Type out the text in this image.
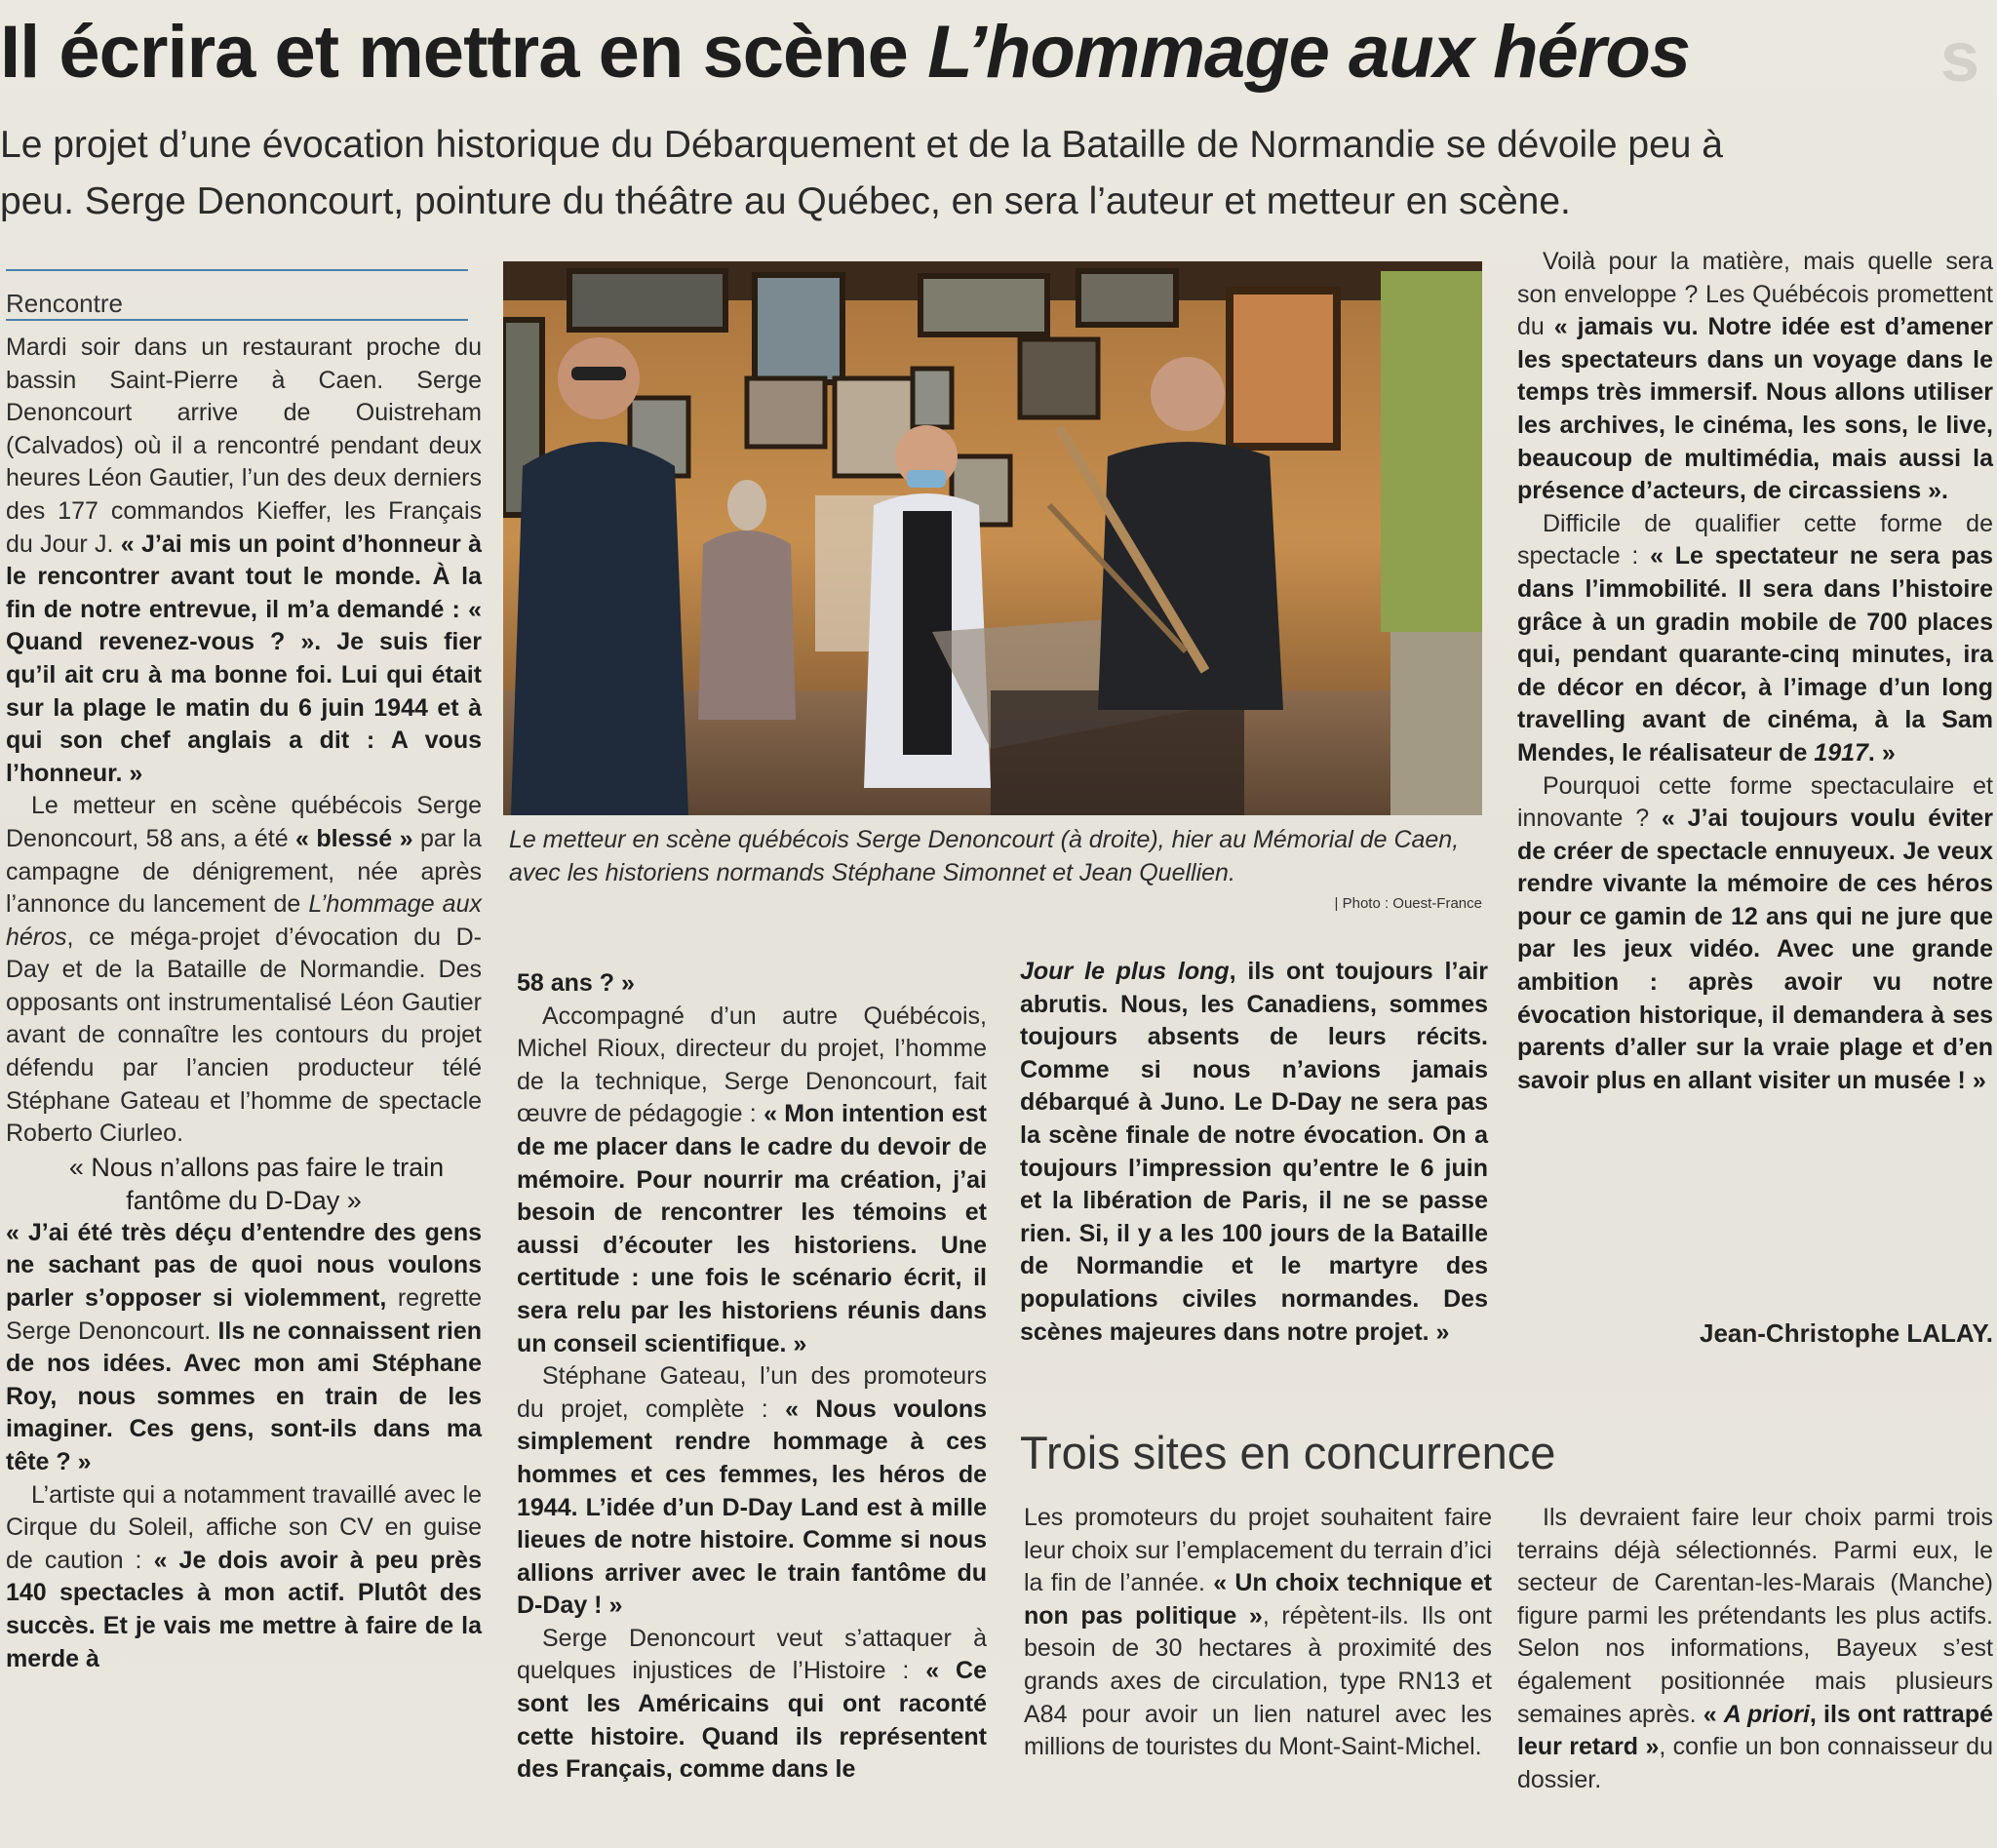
Il écrira et mettra en scène L’hommage aux héros	s
Le projet d’une évocation historique du Débarquement et de la Bataille de Normandie se dévoile peu à peu. Serge Denoncourt, pointure du théâtre au Québec, en sera l’auteur et metteur en scène.
Rencontre

Mardi soir dans un restaurant proche du bassin Saint-Pierre à Caen. Serge Denoncourt arrive de Ouistreham (Calvados) où il a rencontré pendant deux heures Léon Gautier, l’un des deux derniers des 177 commandos Kieffer, les Français du Jour J. « J’ai mis un point d’honneur à le rencontrer avant tout le monde. À la fin de notre entrevue, il m’a demandé : « Quand revenez-vous ? ». Je suis fier qu’il ait cru à ma bonne foi. Lui qui était sur la plage le matin du 6 juin 1944 et à qui son chef anglais a dit : A vous l’honneur. »

Le metteur en scène québécois Serge Denoncourt, 58 ans, a été « blessé » par la campagne de dénigrement, née après l’annonce du lancement de L’hommage aux héros, ce méga-projet d’évocation du D-Day et de la Bataille de Normandie. Des opposants ont instrumentalisé Léon Gautier avant de connaître les contours du projet défendu par l’ancien producteur télé Stéphane Gateau et l’homme de spectacle Roberto Ciurleo.

« Nous n’allons pas faire le train fantôme du D-Day »

« J’ai été très déçu d’entendre des gens ne sachant pas de quoi nous voulons parler s’opposer si violemment, regrette Serge Denoncourt. Ils ne connaissent rien de nos idées. Avec mon ami Stéphane Roy, nous sommes en train de les imaginer. Ces gens, sont-ils dans ma tête ? »

L’artiste qui a notamment travaillé avec le Cirque du Soleil, affiche son CV en guise de caution : « Je dois avoir à peu près 140 spectacles à mon actif. Plutôt des succès. Et je vais me mettre à faire de la merde à

Le metteur en scène québécois Serge Denoncourt (à droite), hier au Mémorial de Caen, avec les historiens normands Stéphane Simonnet et Jean Quellien.
| Photo : Ouest-France

58 ans ? »

Accompagné d’un autre Québécois, Michel Rioux, directeur du projet, l’homme de la technique, Serge Denoncourt, fait œuvre de pédagogie : « Mon intention est de me placer dans le cadre du devoir de mémoire. Pour nourrir ma création, j’ai besoin de rencontrer les témoins et aussi d’écouter les historiens. Une certitude : une fois le scénario écrit, il sera relu par les historiens réunis dans un conseil scientifique. »

Stéphane Gateau, l’un des promoteurs du projet, complète : « Nous voulons simplement rendre hommage à ces hommes et ces femmes, les héros de 1944. L’idée d’un D-Day Land est à mille lieues de notre histoire. Comme si nous allions arriver avec le train fantôme du D-Day ! »

Serge Denoncourt veut s’attaquer à quelques injustices de l’Histoire : « Ce sont les Américains qui ont raconté cette histoire. Quand ils représentent des Français, comme dans le

Jour le plus long, ils ont toujours l’air abrutis. Nous, les Canadiens, sommes toujours absents de leurs récits. Comme si nous n’avions jamais débarqué à Juno. Le D-Day ne sera pas la scène finale de notre évocation. On a toujours l’impression qu’entre le 6 juin et la libération de Paris, il ne se passe rien. Si, il y a les 100 jours de la Bataille de Normandie et le martyre des populations civiles normandes. Des scènes majeures dans notre projet. »

Trois sites en concurrence

Les promoteurs du projet souhaitent faire leur choix sur l’emplacement du terrain d’ici la fin de l’année. « Un choix technique et non pas politique », répètent-ils. Ils ont besoin de 30 hectares à proximité des grands axes de circulation, type RN13 et A84 pour avoir un lien naturel avec les millions de touristes du Mont-Saint-Michel.

Voilà pour la matière, mais quelle sera son enveloppe ? Les Québécois promettent du « jamais vu. Notre idée est d’amener les spectateurs dans un voyage dans le temps très immersif. Nous allons utiliser les archives, le cinéma, les sons, le live, beaucoup de multimédia, mais aussi la présence d’acteurs, de circassiens ».

Difficile de qualifier cette forme de spectacle : « Le spectateur ne sera pas dans l’immobilité. Il sera dans l’histoire grâce à un gradin mobile de 700 places qui, pendant quarante-cinq minutes, ira de décor en décor, à l’image d’un long travelling avant de cinéma, à la Sam Mendes, le réalisateur de 1917. »

Pourquoi cette forme spectaculaire et innovante ? « J’ai toujours voulu éviter de créer de spectacle ennuyeux. Je veux rendre vivante la mémoire de ces héros pour ce gamin de 12 ans qui ne jure que par les jeux vidéo. Avec une grande ambition : après avoir vu notre évocation historique, il demandera à ses parents d’aller sur la vraie plage et d’en savoir plus en allant visiter un musée ! »

Jean-Christophe LALAY.

Ils devraient faire leur choix parmi trois terrains déjà sélectionnés. Parmi eux, le secteur de Carentan-les-Marais (Manche) figure parmi les prétendants les plus actifs. Selon nos informations, Bayeux s’est également positionnée mais plusieurs semaines après. « A priori, ils ont rattrapé leur retard », confie un bon connaisseur du dossier.
